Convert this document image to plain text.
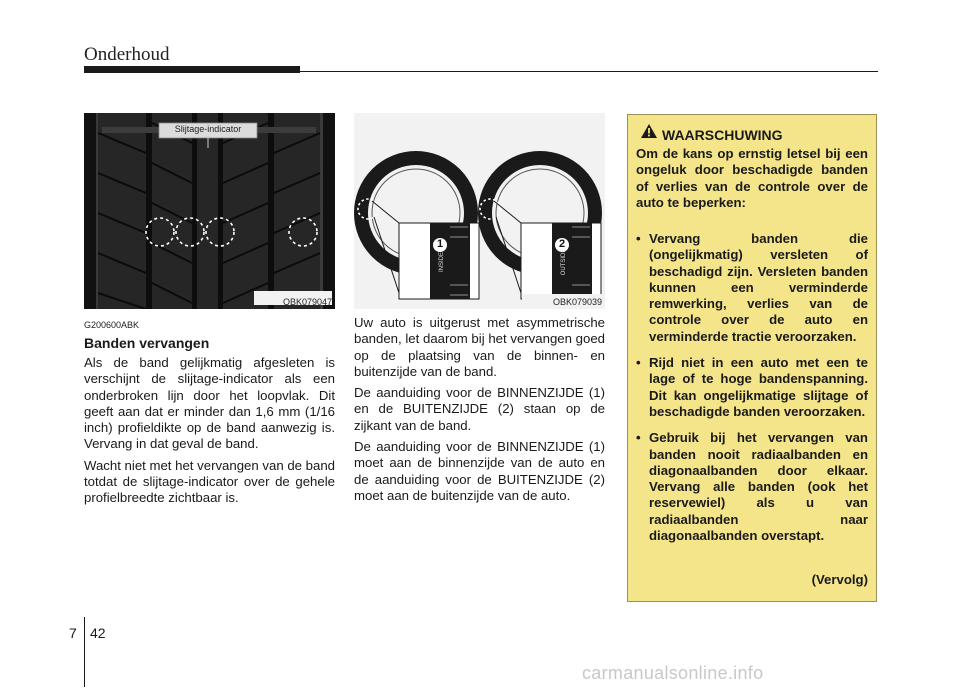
Onderhoud
Slijtage-indicator
OBK079047
1	2
INSIDE	OUTSIDE
OBK079039
G200600ABK
Banden vervangen

Als de band gelijkmatig afgesleten is verschijnt de slijtage-indicator als een onderbroken lijn door het loopvlak. Dit geeft aan dat er minder dan 1,6 mm (1/16 inch) profieldikte op de band aanwezig is. Vervang in dat geval de band.

Wacht niet met het vervangen van de band totdat de slijtage-indicator over de gehele profielbreedte zichtbaar is.

Uw auto is uitgerust met asymmetrische banden, let daarom bij het vervangen goed op de plaatsing van de binnen- en buitenzijde van de band.

De aanduiding voor de BINNENZIJDE (1) en de BUITENZIJDE (2) staan op de zijkant van de band.

De aanduiding voor de BINNENZIJDE (1) moet aan de binnenzijde van de auto en de aanduiding voor de BUITENZIJDE (2) moet aan de buitenzijde van de auto.

WAARSCHUWING
Om de kans op ernstig letsel bij een ongeluk door beschadigde banden of verlies van de controle over de auto te beperken:
• Vervang banden die (ongelijkmatig) versleten of beschadigd zijn. Versleten banden kunnen een verminderde remwerking, verlies van de controle over de auto en verminderde tractie veroorzaken.
• Rijd niet in een auto met een te lage of te hoge bandenspanning. Dit kan ongelijkmatige slijtage of beschadigde banden veroorzaken.
• Gebruik bij het vervangen van banden nooit radiaalbanden en diagonaalbanden door elkaar. Vervang alle banden (ook het reservewiel) als u van radiaalbanden naar diagonaalbanden overstapt.
(Vervolg)
7 42
carmanualsonline.info
